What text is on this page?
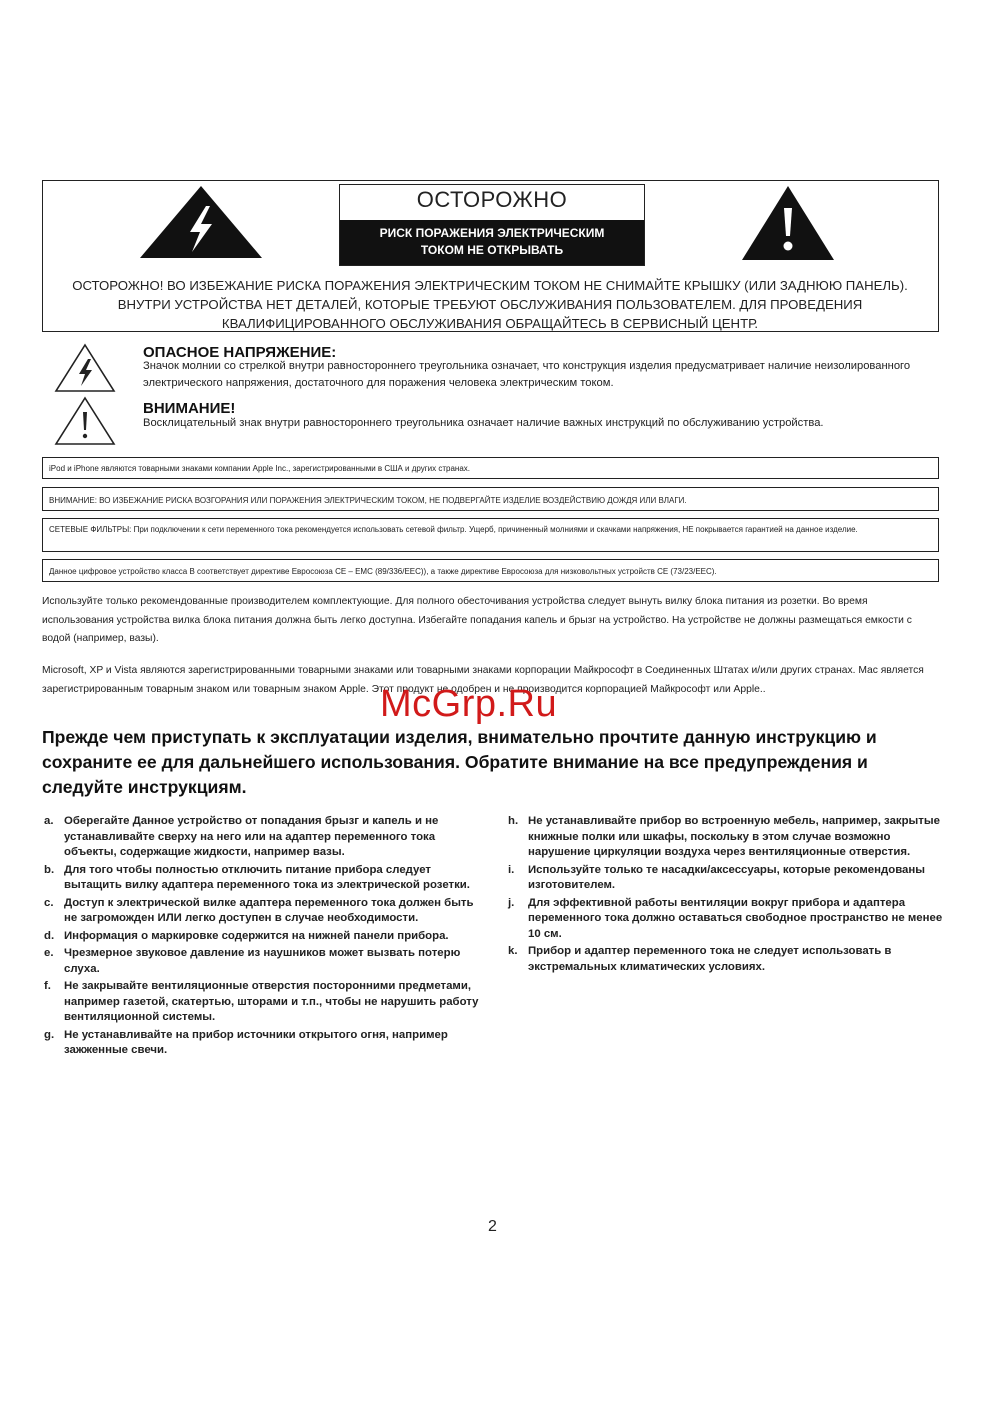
ОСТОРОЖНО
РИСК ПОРАЖЕНИЯ ЭЛЕКТРИЧЕСКИМ
ТОКОМ НЕ ОТКРЫВАТЬ
ОСТОРОЖНО! ВО ИЗБЕЖАНИЕ РИСКА ПОРАЖЕНИЯ ЭЛЕКТРИЧЕСКИМ ТОКОМ НЕ СНИМАЙТЕ КРЫШКУ (ИЛИ ЗАДНЮЮ ПАНЕЛЬ). ВНУТРИ УСТРОЙСТВА НЕТ ДЕТАЛЕЙ, КОТОРЫЕ ТРЕБУЮТ ОБСЛУЖИВАНИЯ ПОЛЬЗОВАТЕЛЕМ. ДЛЯ ПРОВЕДЕНИЯ КВАЛИФИЦИРОВАННОГО ОБСЛУЖИВАНИЯ ОБРАЩАЙТЕСЬ В СЕРВИСНЫЙ ЦЕНТР.
ОПАСНОЕ НАПРЯЖЕНИЕ:
Значок молнии со стрелкой внутри равностороннего треугольника означает, что конструкция изделия предусматривает наличие неизолированного электрического напряжения, достаточного для поражения человека электрическим током.
ВНИМАНИЕ!
Восклицательный знак внутри равностороннего треугольника означает наличие важных инструкций по обслуживанию устройства.
iPod и iPhone являются товарными знаками компании Apple Inc., зарегистрированными в США и других странах.
ВНИМАНИЕ: ВО ИЗБЕЖАНИЕ РИСКА ВОЗГОРАНИЯ ИЛИ ПОРАЖЕНИЯ ЭЛЕКТРИЧЕСКИМ ТОКОМ, НЕ ПОДВЕРГАЙТЕ ИЗДЕЛИЕ ВОЗДЕЙСТВИЮ ДОЖДЯ ИЛИ ВЛАГИ.
СЕТЕВЫЕ ФИЛЬТРЫ: При подключении к сети переменного тока рекомендуется использовать сетевой фильтр. Ущерб, причиненный молниями и скачками напряжения, НЕ покрывается гарантией на данное изделие.
Данное цифровое устройство класса B соответствует директиве Евросоюза CE – EMC (89/336/EEC)), а также директиве Евросоюза для низковольтных устройств CE (73/23/EEC).
Используйте только рекомендованные производителем комплектующие. Для полного обесточивания устройства следует вынуть вилку блока питания из розетки. Во время использования устройства вилка блока питания должна быть легко доступна. Избегайте попадания капель и брызг на устройство. На устройстве не должны размещаться емкости с водой (например, вазы).
Microsoft, XP и Vista являются зарегистрированными товарными знаками или товарными знаками корпорации Майкрософт в Соединенных Штатах и/или других странах. Mac является зарегистрированным товарным знаком или товарным знаком Apple. Этот продукт не одобрен и не производится корпорацией Майкрософт или Apple..
McGrp.Ru
Прежде чем приступать к эксплуатации изделия, внимательно прочтите данную инструкцию и сохраните ее для дальнейшего использования. Обратите внимание на все предупреждения и следуйте инструкциям.
a. Оберегайте Данное устройство от попадания брызг и капель и не устанавливайте сверху на него или на адаптер переменного тока объекты, содержащие жидкости, например вазы.
b. Для того чтобы полностью отключить питание прибора следует вытащить вилку адаптера переменного тока из электрической розетки.
c. Доступ к электрической вилке адаптера переменного тока должен быть не загроможден ИЛИ легко доступен в случае необходимости.
d. Информация о маркировке содержится на нижней панели прибора.
e. Чрезмерное звуковое давление из наушников может вызвать потерю слуха.
f. Не закрывайте вентиляционные отверстия посторонними предметами, например газетой, скатертью, шторами и т.п., чтобы не нарушить работу вентиляционной системы.
g. Не устанавливайте на прибор источники открытого огня, например зажженные свечи.
h. Не устанавливайте прибор во встроенную мебель, например, закрытые книжные полки или шкафы, поскольку в этом случае возможно нарушение циркуляции воздуха через вентиляционные отверстия.
i. Используйте только те насадки/аксессуары, которые рекомендованы изготовителем.
j. Для эффективной работы вентиляции вокруг прибора и адаптера переменного тока должно оставаться свободное пространство не менее 10 см.
k. Прибор и адаптер переменного тока не следует использовать в экстремальных климатических условиях.
2
